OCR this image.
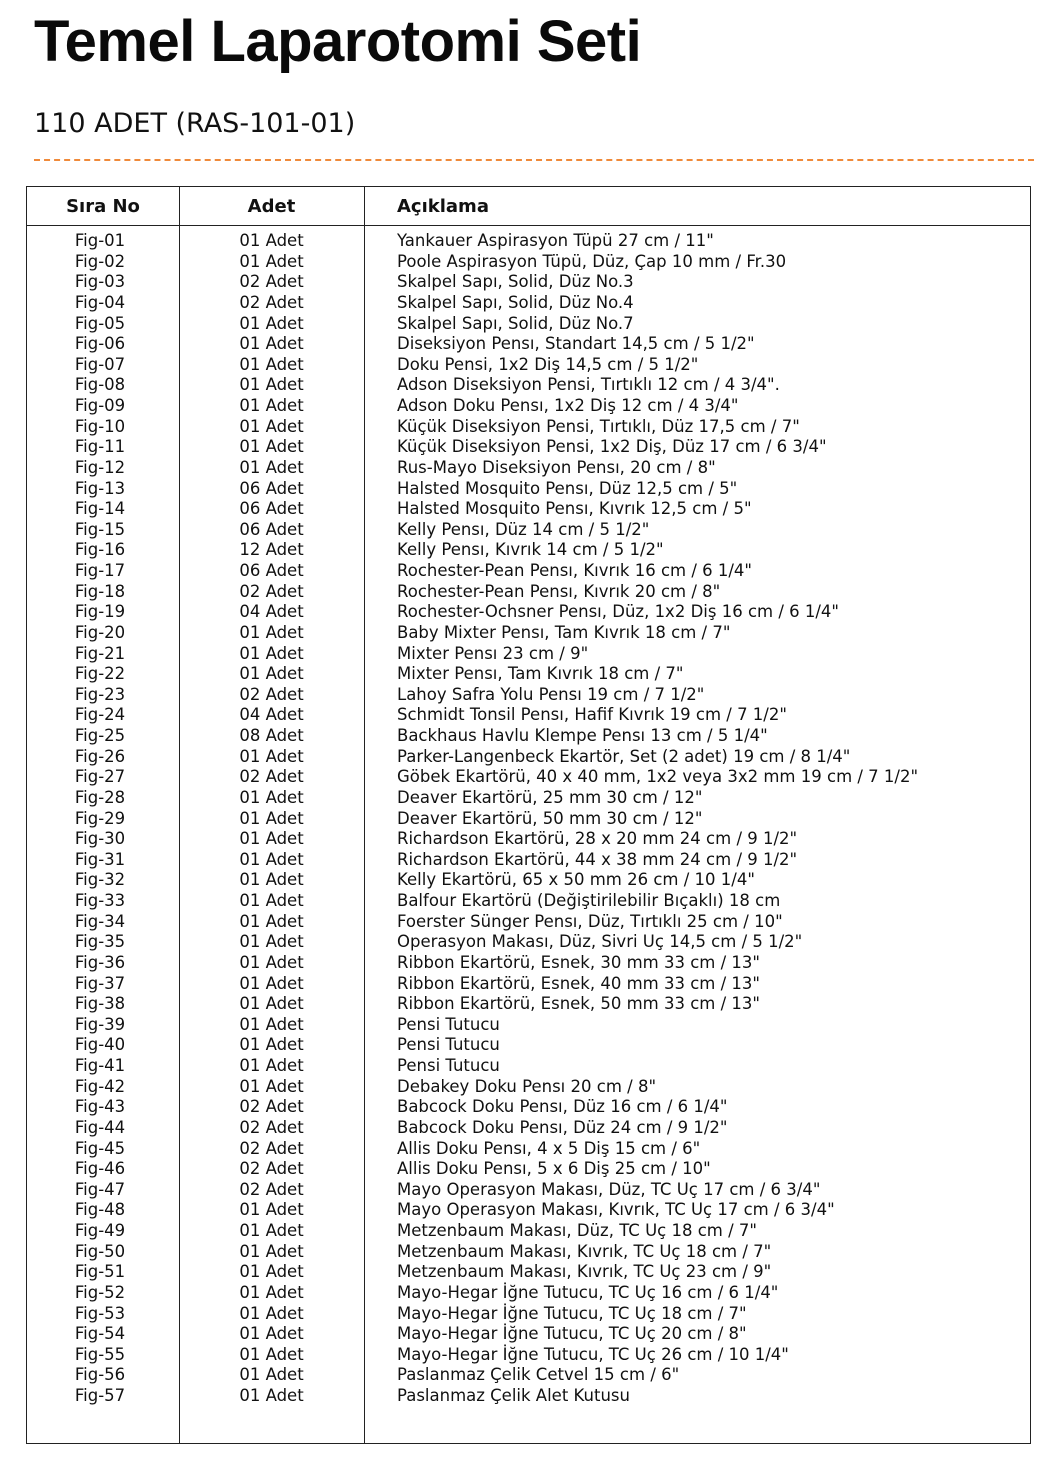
Temel Laparotomi Seti
110 ADET (RAS-101-01)
Sıra No	Adet	Açıklama
Fig-01	01 Adet	Yankauer Aspirasyon Tüpü 27 cm / 11"
Fig-02	01 Adet	Poole Aspirasyon Tüpü, Düz, Çap 10 mm / Fr.30
Fig-03	02 Adet	Skalpel Sapı, Solid, Düz No.3
Fig-04	02 Adet	Skalpel Sapı, Solid, Düz No.4
Fig-05	01 Adet	Skalpel Sapı, Solid, Düz No.7
Fig-06	01 Adet	Diseksiyon Pensı, Standart 14,5 cm / 5 1/2"
Fig-07	01 Adet	Doku Pensi, 1x2 Diş 14,5 cm / 5 1/2"
Fig-08	01 Adet	Adson Diseksiyon Pensi, Tırtıklı 12 cm / 4 3/4".
Fig-09	01 Adet	Adson Doku Pensı, 1x2 Diş 12 cm / 4 3/4"
Fig-10	01 Adet	Küçük Diseksiyon Pensi, Tırtıklı, Düz 17,5 cm / 7"
Fig-11	01 Adet	Küçük Diseksiyon Pensi, 1x2 Diş, Düz 17 cm / 6 3/4"
Fig-12	01 Adet	Rus-Mayo Diseksiyon Pensı, 20 cm / 8"
Fig-13	06 Adet	Halsted Mosquito Pensı, Düz 12,5 cm / 5"
Fig-14	06 Adet	Halsted Mosquito Pensı, Kıvrık 12,5 cm / 5"
Fig-15	06 Adet	Kelly Pensı, Düz 14 cm / 5 1/2"
Fig-16	12 Adet	Kelly Pensı, Kıvrık 14 cm / 5 1/2"
Fig-17	06 Adet	Rochester-Pean Pensı, Kıvrık 16 cm / 6 1/4"
Fig-18	02 Adet	Rochester-Pean Pensı, Kıvrık 20 cm / 8"
Fig-19	04 Adet	Rochester-Ochsner Pensı, Düz, 1x2 Diş 16 cm / 6 1/4"
Fig-20	01 Adet	Baby Mixter Pensı, Tam Kıvrık 18 cm / 7"
Fig-21	01 Adet	Mixter Pensı 23 cm / 9"
Fig-22	01 Adet	Mixter Pensı, Tam Kıvrık 18 cm / 7"
Fig-23	02 Adet	Lahoy Safra Yolu Pensı 19 cm / 7 1/2"
Fig-24	04 Adet	Schmidt Tonsil Pensı, Hafif Kıvrık 19 cm / 7 1/2"
Fig-25	08 Adet	Backhaus Havlu Klempe Pensı 13 cm / 5 1/4"
Fig-26	01 Adet	Parker-Langenbeck Ekartör, Set (2 adet) 19 cm / 8 1/4"
Fig-27	02 Adet	Göbek Ekartörü, 40 x 40 mm, 1x2 veya 3x2 mm 19 cm / 7 1/2"
Fig-28	01 Adet	Deaver Ekartörü, 25 mm 30 cm / 12"
Fig-29	01 Adet	Deaver Ekartörü, 50 mm 30 cm / 12"
Fig-30	01 Adet	Richardson Ekartörü, 28 x 20 mm 24 cm / 9 1/2"
Fig-31	01 Adet	Richardson Ekartörü, 44 x 38 mm 24 cm / 9 1/2"
Fig-32	01 Adet	Kelly Ekartörü, 65 x 50 mm 26 cm / 10 1/4"
Fig-33	01 Adet	Balfour Ekartörü (Değiştirilebilir Bıçaklı) 18 cm
Fig-34	01 Adet	Foerster Sünger Pensı, Düz, Tırtıklı 25 cm / 10"
Fig-35	01 Adet	Operasyon Makası, Düz, Sivri Uç 14,5 cm / 5 1/2"
Fig-36	01 Adet	Ribbon Ekartörü, Esnek, 30 mm 33 cm / 13"
Fig-37	01 Adet	Ribbon Ekartörü, Esnek, 40 mm 33 cm / 13"
Fig-38	01 Adet	Ribbon Ekartörü, Esnek, 50 mm 33 cm / 13"
Fig-39	01 Adet	Pensi Tutucu
Fig-40	01 Adet	Pensi Tutucu
Fig-41	01 Adet	Pensi Tutucu
Fig-42	01 Adet	Debakey Doku Pensı 20 cm / 8"
Fig-43	02 Adet	Babcock Doku Pensı, Düz 16 cm / 6 1/4"
Fig-44	02 Adet	Babcock Doku Pensı, Düz 24 cm / 9 1/2"
Fig-45	02 Adet	Allis Doku Pensı, 4 x 5 Diş 15 cm / 6"
Fig-46	02 Adet	Allis Doku Pensı, 5 x 6 Diş 25 cm / 10"
Fig-47	02 Adet	Mayo Operasyon Makası, Düz, TC Uç 17 cm / 6 3/4"
Fig-48	01 Adet	Mayo Operasyon Makası, Kıvrık, TC Uç 17 cm / 6 3/4"
Fig-49	01 Adet	Metzenbaum Makası, Düz, TC Uç 18 cm / 7"
Fig-50	01 Adet	Metzenbaum Makası, Kıvrık, TC Uç 18 cm / 7"
Fig-51	01 Adet	Metzenbaum Makası, Kıvrık, TC Uç 23 cm / 9"
Fig-52	01 Adet	Mayo-Hegar İğne Tutucu, TC Uç 16 cm / 6 1/4"
Fig-53	01 Adet	Mayo-Hegar İğne Tutucu, TC Uç 18 cm / 7"
Fig-54	01 Adet	Mayo-Hegar İğne Tutucu, TC Uç 20 cm / 8"
Fig-55	01 Adet	Mayo-Hegar İğne Tutucu, TC Uç 26 cm / 10 1/4"
Fig-56	01 Adet	Paslanmaz Çelik Cetvel 15 cm / 6"
Fig-57	01 Adet	Paslanmaz Çelik Alet Kutusu
